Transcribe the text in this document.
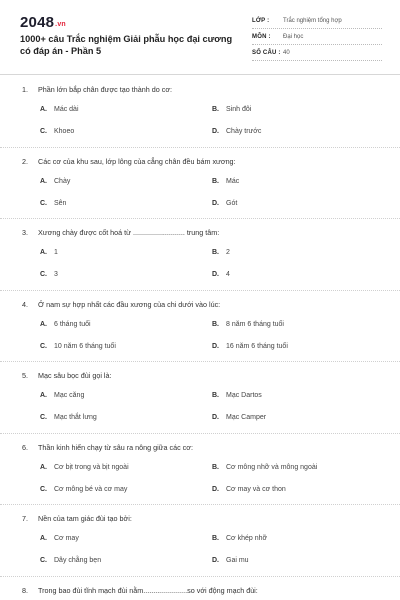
2048.vn
1000+ câu Trắc nghiệm Giải phẫu học đại cương có đáp án - Phần 5
LỚP :	Trắc nghiệm tổng hợp
MÔN :	Đại học
SỐ CÂU : 40
1. Phần lớn bắp chân được tạo thành do cơ:
A. Mác dài	B. Sinh đôi
C. Khoeo	D. Chày trước
2. Các cơ của khu sau, lớp lông của cẳng chân đều bám xương:
A. Chày	B. Mác
C. Sên	D. Gót
3. Xương chày được cốt hoá từ .......................... trung tâm:
A. 1	B. 2
C. 3	D. 4
4. Ở nam sự hợp nhất các đầu xương của chi dưới vào lúc:
A. 6 tháng tuổi	B. 8 năm 6 tháng tuổi
C. 10 năm 6 tháng tuổi	D. 16 năm 6 tháng tuổi
5. Mạc sâu bọc đùi gọi là:
A. Mạc căng	B. Mạc Dartos
C. Mạc thắt lưng	D. Mạc Camper
6. Thần kinh hiển chạy từ sâu ra nông giữa các cơ:
A. Cơ bịt trong và bịt ngoài	B. Cơ mông nhỡ và mông ngoài
C. Cơ mông bé và cơ may	D. Cơ may và cơ thon
7. Nền của tam giác đùi tạo bởi:
A. Cơ may	B. Cơ khép nhỡ
C. Dây chằng bẹn	D. Gai mu
8. Trong bao đùi tĩnh mạch đùi nằm......................so với động mạch đùi:
